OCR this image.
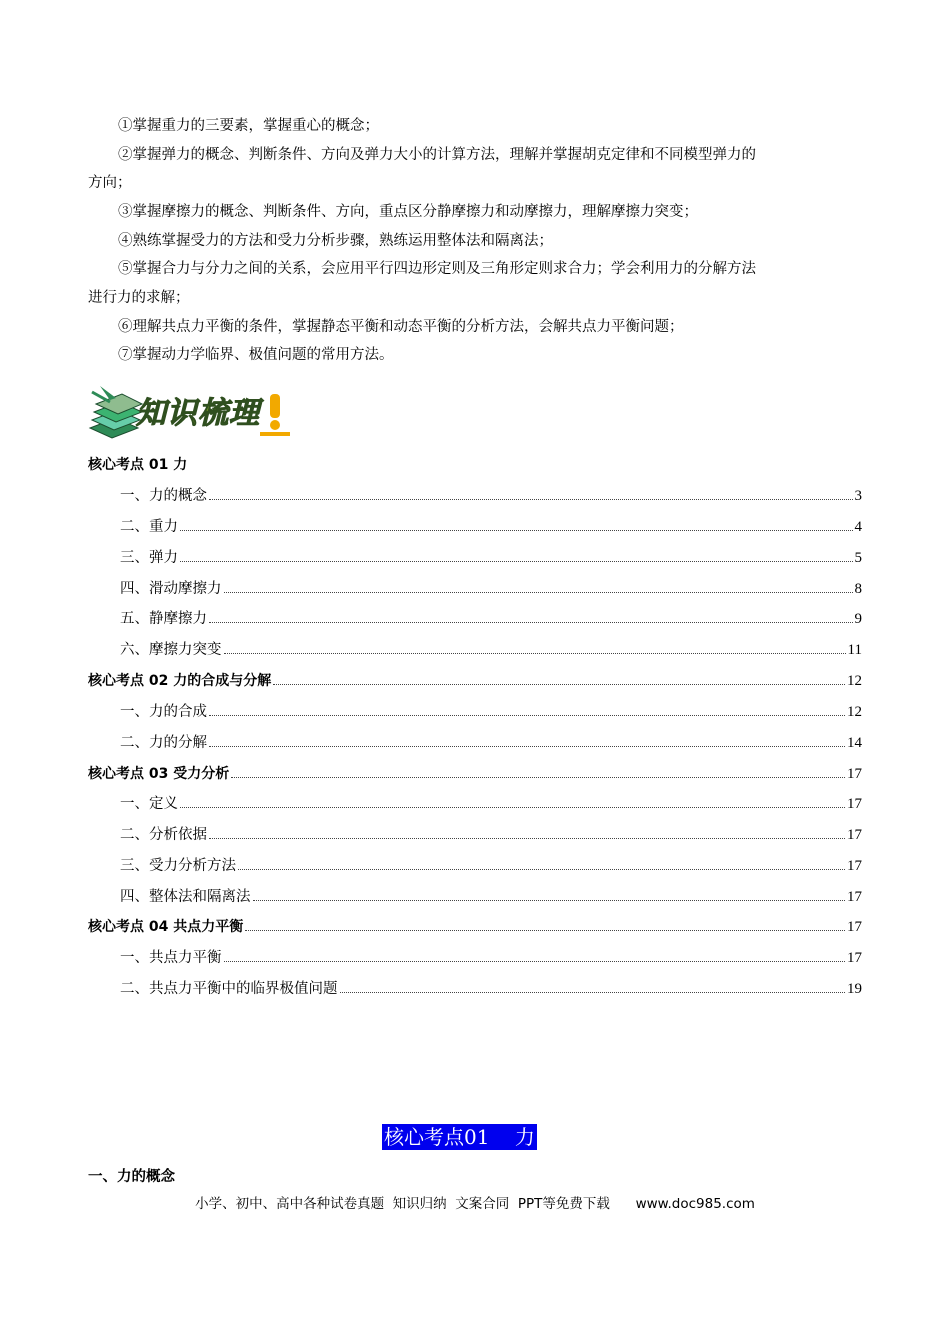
①掌握重力的三要素，掌握重心的概念；
②掌握弹力的概念、判断条件、方向及弹力大小的计算方法，理解并掌握胡克定律和不同模型弹力的
方向；
③掌握摩擦力的概念、判断条件、方向，重点区分静摩擦力和动摩擦力，理解摩擦力突变；
④熟练掌握受力的方法和受力分析步骤，熟练运用整体法和隔离法；
⑤掌握合力与分力之间的关系，会应用平行四边形定则及三角形定则求合力；学会利用力的分解方法
进行力的求解；
⑥理解共点力平衡的条件，掌握静态平衡和动态平衡的分析方法，会解共点力平衡问题；
⑦掌握动力学临界、极值问题的常用方法。
知识梳理
核心考点 01 力
一、力的概念	3
二、重力	4
三、弹力	5
四、滑动摩擦力	8
五、静摩擦力	9
六、摩擦力突变	11
核心考点 02 力的合成与分解	12
一、力的合成	12
二、力的分解	14
核心考点 03 受力分析	17
一、定义	17
二、分析依据	17
三、受力分析方法	17
四、整体法和隔离法	17
核心考点 04 共点力平衡	17
一、共点力平衡	17
二、共点力平衡中的临界极值问题	19
核心考点01    力
一、力的概念
小学、初中、高中各种试卷真题  知识归纳  文案合同  PPT等免费下载      www.doc985.com
